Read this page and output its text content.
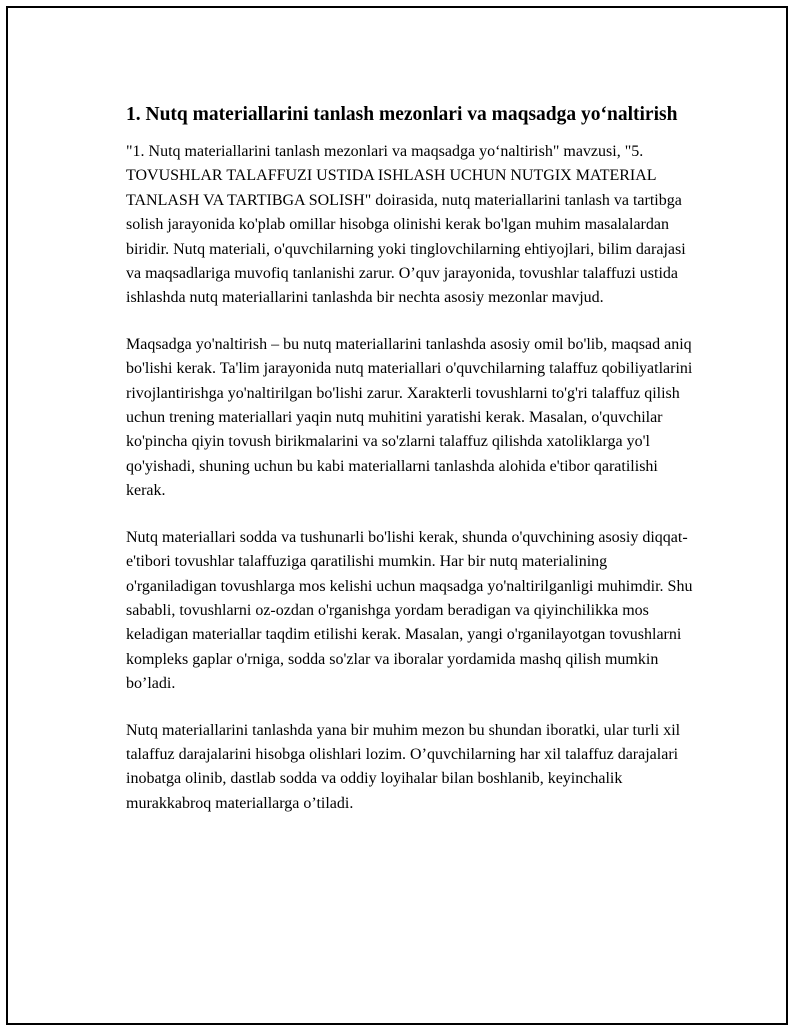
1. Nutq materiallarini tanlash mezonlari va maqsadga yo‘naltirish

"1. Nutq materiallarini tanlash mezonlari va maqsadga yo‘naltirish" mavzusi, "5. TOVUSHLAR TALAFFUZI USTIDA ISHLASH UCHUN NUTGIX MATERIAL TANLASH VA TARTIBGA SOLISH" doirasida, nutq materiallarini tanlash va tartibga solish jarayonida ko'plab omillar hisobga olinishi kerak bo'lgan muhim masalalardan biridir. Nutq materiali, o'quvchilarning yoki tinglovchilarning ehtiyojlari, bilim darajasi va maqsadlariga muvofiq tanlanishi zarur. O’quv jarayonida, tovushlar talaffuzi ustida ishlashda nutq materiallarini tanlashda bir nechta asosiy mezonlar mavjud.

Maqsadga yo'naltirish – bu nutq materiallarini tanlashda asosiy omil bo'lib, maqsad aniq bo'lishi kerak. Ta'lim jarayonida nutq materiallari o'quvchilarning talaffuz qobiliyatlarini rivojlantirishga yo'naltirilgan bo'lishi zarur. Xarakterli tovushlarni to'g'ri talaffuz qilish uchun trening materiallari yaqin nutq muhitini yaratishi kerak. Masalan, o'quvchilar ko'pincha qiyin tovush birikmalarini va so'zlarni talaffuz qilishda xatoliklarga yo'l qo'yishadi, shuning uchun bu kabi materiallarni tanlashda alohida e'tibor qaratilishi kerak.

Nutq materiallari sodda va tushunarli bo'lishi kerak, shunda o'quvchining asosiy diqqat-e'tibori tovushlar talaffuziga qaratilishi mumkin. Har bir nutq materialining o'rganiladigan tovushlarga mos kelishi uchun maqsadga yo'naltirilganligi muhimdir. Shu sababli, tovushlarni oz-ozdan o'rganishga yordam beradigan va qiyinchilikka mos keladigan materiallar taqdim etilishi kerak. Masalan, yangi o'rganilayotgan tovushlarni kompleks gaplar o'rniga, sodda so'zlar va iboralar yordamida mashq qilish mumkin bo’ladi.

Nutq materiallarini tanlashda yana bir muhim mezon bu shundan iboratki, ular turli xil talaffuz darajalarini hisobga olishlari lozim. O’quvchilarning har xil talaffuz darajalari inobatga olinib, dastlab sodda va oddiy loyihalar bilan boshlanib, keyinchalik murakkabroq materiallarga o’tiladi.
